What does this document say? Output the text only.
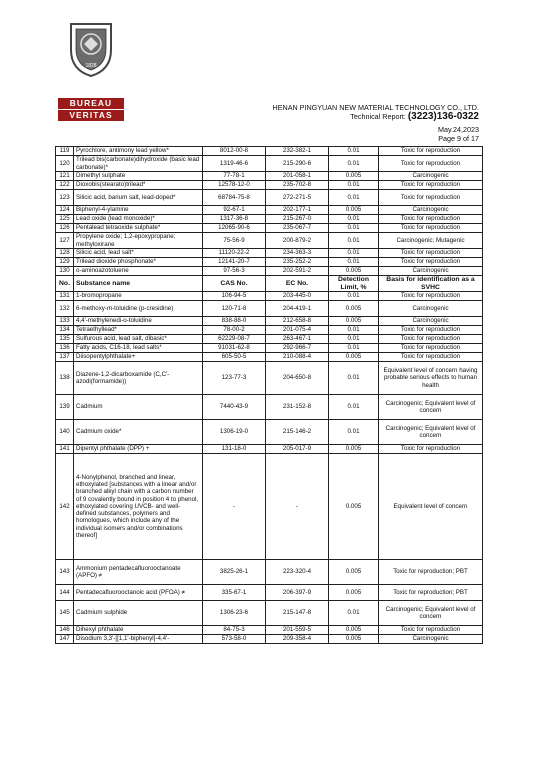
1828
BUREAU
VERITAS
HENAN PINGYUAN NEW MATERIAL TECHNOLOGY CO., LTD.
Technical Report: (3223)136-0322
May.24,2023
Page 9 of 17
119	Pyrochlore, antimony lead yellow*	8012-00-8	232-382-1	0.01	Toxic for reproduction
120	Trilead bis(carbonate)dihydroxide (basic lead carbonate)*	1319-46-6	215-290-6	0.01	Toxic for reproduction
121	Dimethyl sulphate	77-78-1	201-058-1	0.005	Carcinogenic
122	Dioxobis(stearato)trilead*	12578-12-0	235-702-8	0.01	Toxic for reproduction
123	Silicic acid, barium salt, lead-doped*	68784-75-8	272-271-5	0.01	Toxic for reproduction
124	Biphenyl-4-ylamine	92-67-1	202-177-1	0.005	Carcinogenic
125	Lead oxide (lead monoxide)*	1317-36-8	215-267-0	0.01	Toxic for reproduction
126	Pentalead tetraoxide sulphate*	12065-90-6	235-067-7	0.01	Toxic for reproduction
127	Propylene oxide; 1,2-epoxypropane; methyloxirane	75-56-9	200-879-2	0.01	Carcinogenic; Mutagenic
128	Silicic acid, lead salt*	11120-22-2	234-363-3	0.01	Toxic for reproduction
129	Trilead dioxide phosphonate*	12141-20-7	235-252-2	0.01	Toxic for reproduction
130	o-aminoazotoluene	97-56-3	202-591-2	0.005	Carcinogenic
No.	Substance name	CAS No.	EC No.	Detection Limit, %	Basis for identification as a SVHC
131	1-bromopropane	106-94-5	203-445-0	0.01	Toxic for reproduction
132	6-methoxy-m-toluidine (p-cresidine)	120-71-8	204-419-1	0.005	Carcinogenic
133	4,4'-methylenedi-o-toluidine	838-88-0	212-658-8	0.005	Carcinogenic
134	Tetraethyllead*	78-00-2	201-075-4	0.01	Toxic for reproduction
135	Sulfurous acid, lead salt, dibasic*	62229-08-7	263-467-1	0.01	Toxic for reproduction
136	Fatty acids, C16-18, lead salts*	91031-62-8	292-966-7	0.01	Toxic for reproduction
137	Diisopentylphthalate+	605-50-5	210-088-4	0.005	Toxic for reproduction
138	Diazene-1,2-dicarboxamide (C,C'-azodi(formamide))	123-77-3	204-650-8	0.01	Equivalent level of concern having probable serious effects to human health
139	Cadmium	7440-43-9	231-152-8	0.01	Carcinogenic; Equivalent level of concern
140	Cadmium oxide*	1306-19-0	215-146-2	0.01	Carcinogenic; Equivalent level of concern
141	Dipentyl phthalate (DPP) +	131-18-0	205-017-9	0.005	Toxic for reproduction
142	4-Nonylphenol, branched and linear, ethoxylated [substances with a linear and/or branched alkyl chain with a carbon number of 9 covalently bound in position 4 to phenol, ethoxylated covering UVCB- and well-defined substances, polymers and homologues, which include any of the individual isomers and/or combinations thereof]	-	-	0.005	Equivalent level of concern
143	Ammonium pentadecafluorooctanoate (APFO) ≠	3825-26-1	223-320-4	0.005	Toxic for reproduction; PBT
144	Pentadecafluorooctanoic acid (PFOA) ≠	335-67-1	206-397-9	0.005	Toxic for reproduction; PBT
145	Cadmium sulphide	1306-23-6	215-147-8	0.01	Carcinogenic; Equivalent level of concern
146	Dihexyl phthalate	84-75-3	201-559-5	0.005	Toxic for reproduction
147	Disodium 3,3'-[[1,1'-biphenyl]-4,4'-	573-58-0	209-358-4	0.005	Carcinogenic
